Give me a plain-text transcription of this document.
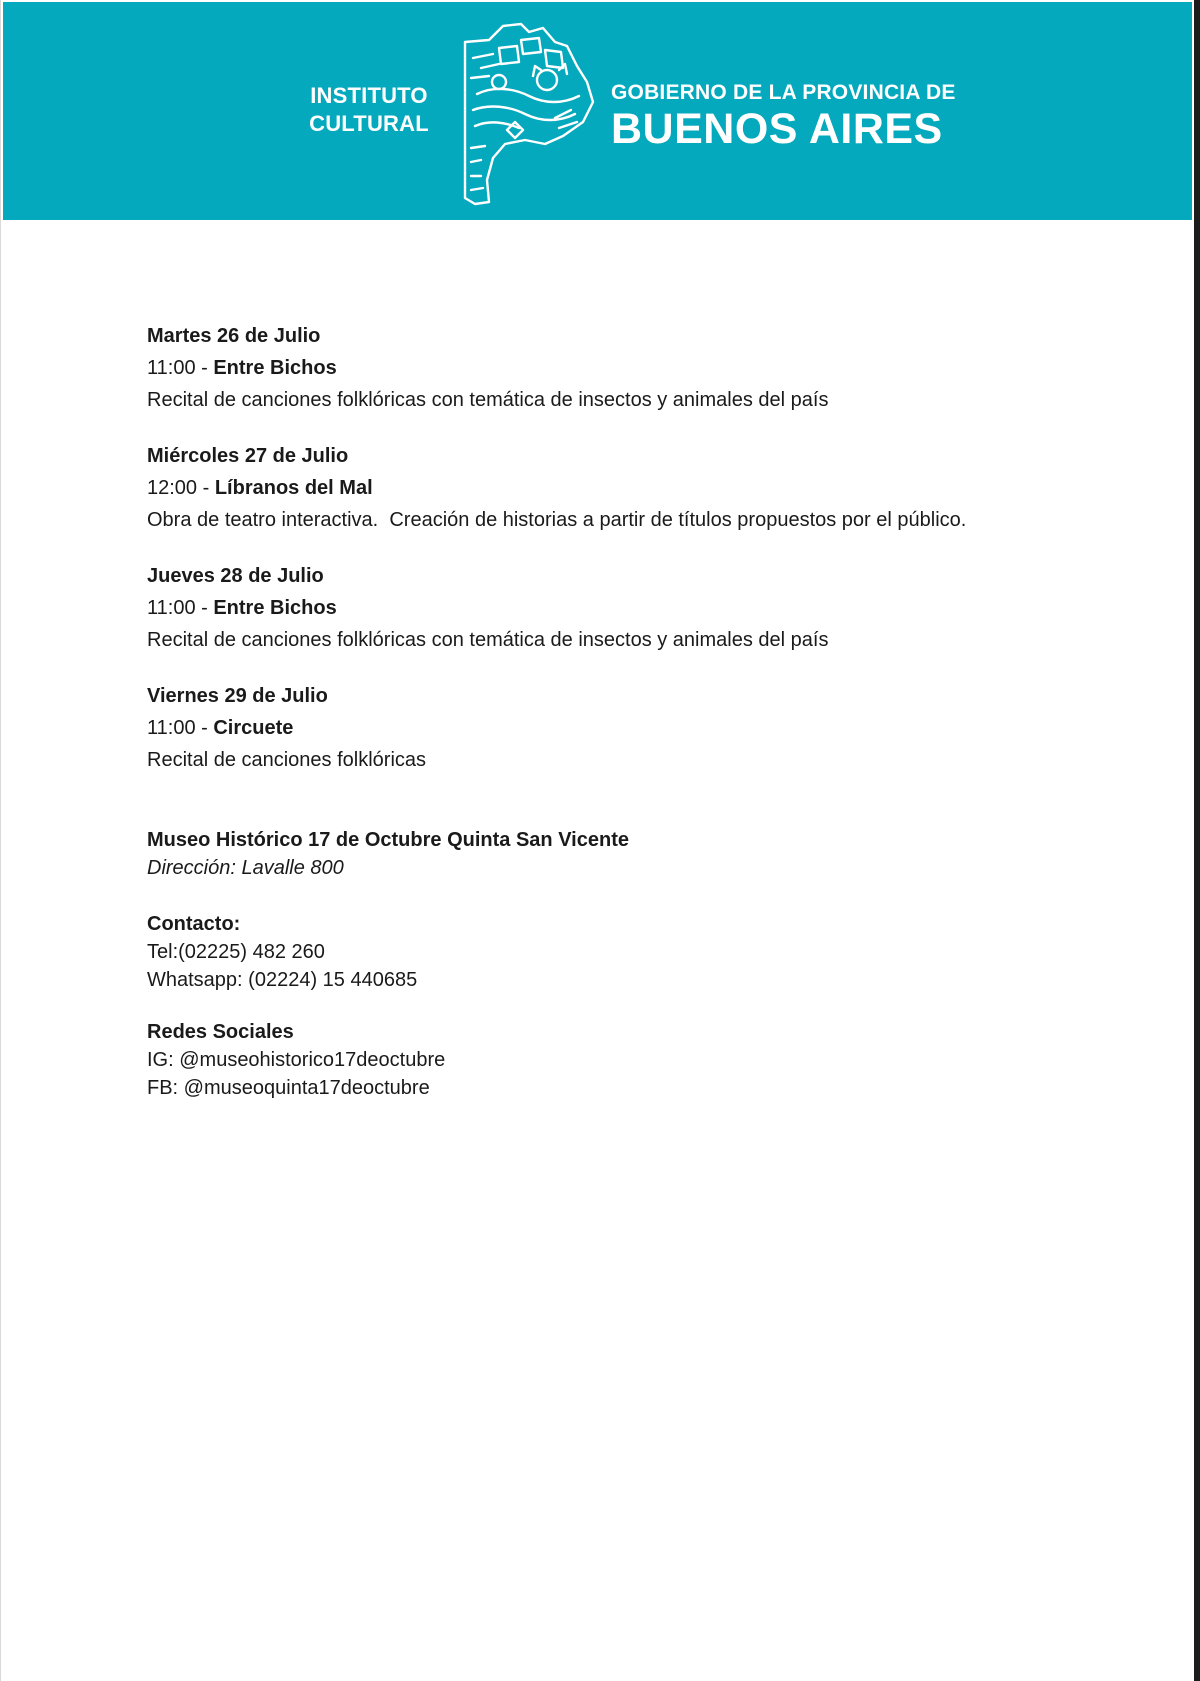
INSTITUTO
CULTURAL
GOBIERNO DE LA PROVINCIA DE
BUENOS AIRES
Martes 26 de Julio
11:00 - Entre Bichos
Recital de canciones folklóricas con temática de insectos y animales del país
Miércoles 27 de Julio
12:00 - Líbranos del Mal
Obra de teatro interactiva.  Creación de historias a partir de títulos propuestos por el público.
Jueves 28 de Julio
11:00 - Entre Bichos
Recital de canciones folklóricas con temática de insectos y animales del país
Viernes 29 de Julio
11:00 - Circuete
Recital de canciones folklóricas
Museo Histórico 17 de Octubre Quinta San Vicente
Dirección: Lavalle 800
Contacto:
Tel:(02225) 482 260
Whatsapp: (02224) 15 440685
Redes Sociales
IG: @museohistorico17deoctubre
FB: @museoquinta17deoctubre
